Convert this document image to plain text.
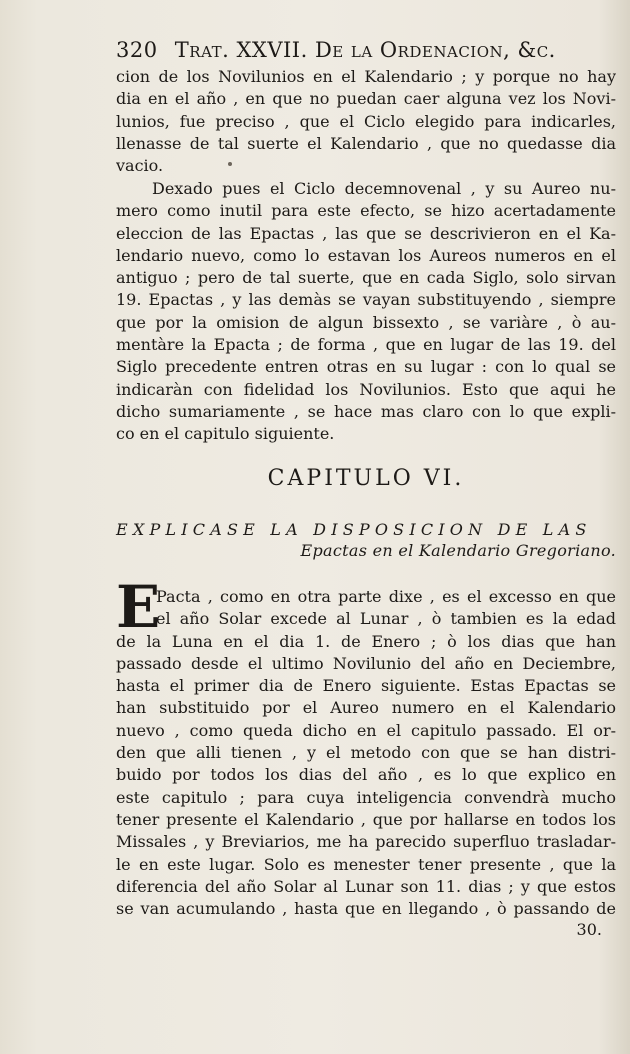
320 Trat. XXVII. De la Ordenacion, &c.
cion de los Novilunios en el Kalendario ; y porque no hay
dia en el año , en que no puedan caer alguna vez los Novi-
lunios, fue preciso , que el Ciclo elegido para indicarles,
llenasse de tal suerte el Kalendario , que no quedasse dia
vacio.
Dexado pues el Ciclo decemnovenal , y su Aureo nu-
mero como inutil para este efecto, se hizo acertadamente
eleccion de las Epactas , las que se descrivieron en el Ka-
lendario nuevo, como lo estavan los Aureos numeros en el
antiguo ; pero de tal suerte, que en cada Siglo, solo sirvan
19. Epactas , y las demàs se vayan substituyendo , siempre
que por la omision de algun bissexto , se variàre , ò au-
mentàre la Epacta ; de forma , que en lugar de las 19. del
Siglo precedente entren otras en su lugar : con lo qual se
indicaràn con fidelidad los Novilunios. Esto que aqui he
dicho sumariamente , se hace mas claro con lo que expli-
co en el capitulo siguiente.
CAPITULO VI.
EXPLICASE LA DISPOSICION DE LAS
Epactas en el Kalendario Gregoriano.
E
Pacta , como en otra parte dixe , es el excesso en que
el año Solar excede al Lunar , ò tambien es la edad
de la Luna en el dia 1. de Enero ; ò los dias que han
passado desde el ultimo Novilunio del año en Deciembre,
hasta el primer dia de Enero siguiente. Estas Epactas se
han substituido por el Aureo numero en el Kalendario
nuevo , como queda dicho en el capitulo passado. El or-
den que alli tienen , y el metodo con que se han distri-
buido por todos los dias del año , es lo que explico en
este capitulo ; para cuya inteligencia convendrà mucho
tener presente el Kalendario , que por hallarse en todos los
Missales , y Breviarios, me ha parecido superfluo trasladar-
le en este lugar. Solo es menester tener presente , que la
diferencia del año Solar al Lunar son 11. dias ; y que estos
se van acumulando , hasta que en llegando , ò passando de
30.
